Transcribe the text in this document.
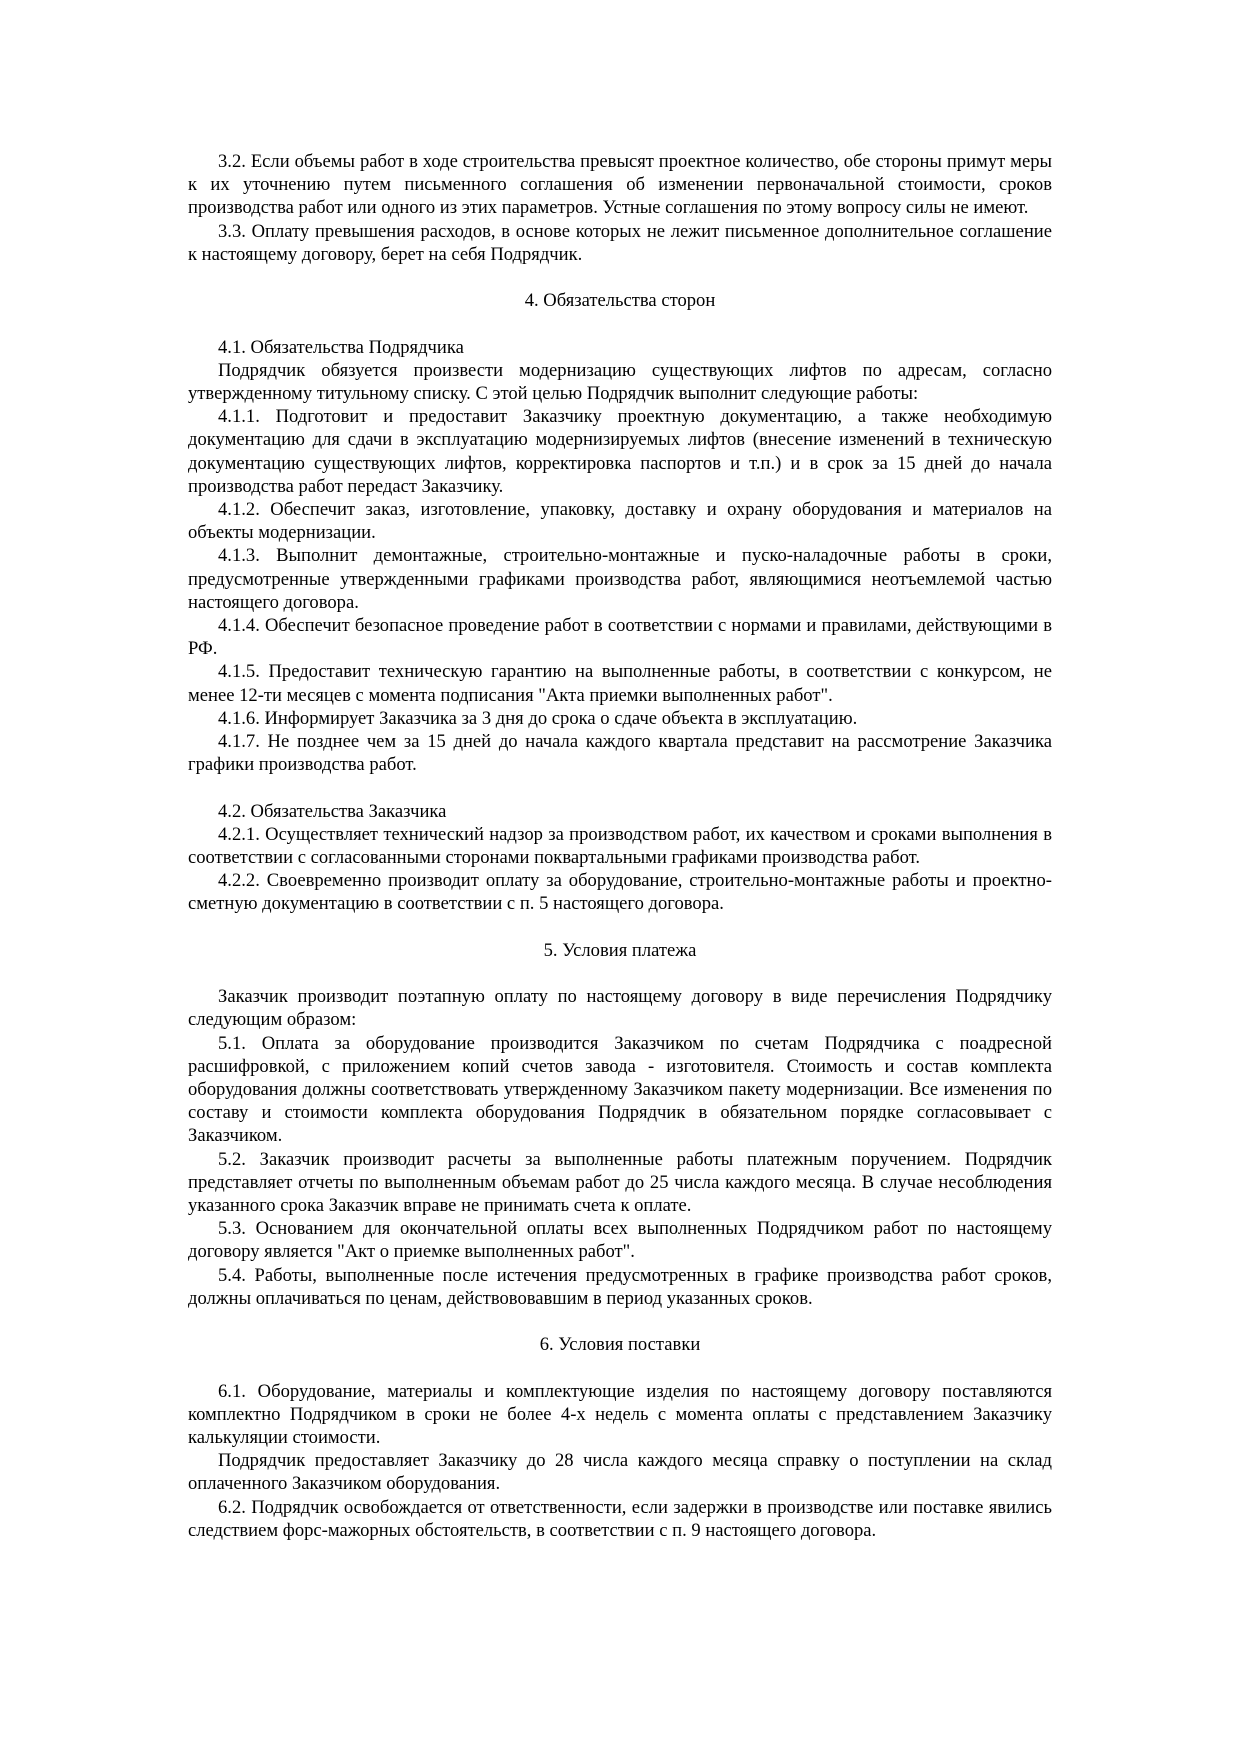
3.2. Если объемы работ в ходе строительства превысят проектное количество, обе стороны примут меры к их уточнению путем письменного соглашения об изменении первоначальной стоимости, сроков производства работ или одного из этих параметров. Устные соглашения по этому вопросу силы не имеют.

3.3. Оплату превышения расходов, в основе которых не лежит письменное дополнительное соглашение к настоящему договору, берет на себя Подрядчик.

4. Обязательства сторон

4.1. Обязательства Подрядчика

Подрядчик обязуется произвести модернизацию существующих лифтов по адресам, согласно утвержденному титульному списку. С этой целью Подрядчик выполнит следующие работы:

4.1.1. Подготовит и предоставит Заказчику проектную документацию, а также необходимую документацию для сдачи в эксплуатацию модернизируемых лифтов (внесение изменений в техническую документацию существующих лифтов, корректировка паспортов и т.п.) и в срок за 15 дней до начала производства работ передаст Заказчику.

4.1.2. Обеспечит заказ, изготовление, упаковку, доставку и охрану оборудования и материалов на объекты модернизации.

4.1.3. Выполнит демонтажные, строительно-монтажные и пуско-наладочные работы в сроки, предусмотренные утвержденными графиками производства работ, являющимися неотъемлемой частью настоящего договора.

4.1.4. Обеспечит безопасное проведение работ в соответствии с нормами и правилами, действующими в РФ.

4.1.5. Предоставит техническую гарантию на выполненные работы, в соответствии с конкурсом, не менее 12-ти месяцев с момента подписания "Акта приемки выполненных работ".

4.1.6. Информирует Заказчика за 3 дня до срока о сдаче объекта в эксплуатацию.

4.1.7. Не позднее чем за 15 дней до начала каждого квартала представит на рассмотрение Заказчика графики производства работ.

4.2. Обязательства Заказчика

4.2.1. Осуществляет технический надзор за производством работ, их качеством и сроками выполнения в соответствии с согласованными сторонами поквартальными графиками производства работ.

4.2.2. Своевременно производит оплату за оборудование, строительно-монтажные работы и проектно-сметную документацию в соответствии с п. 5 настоящего договора.

5. Условия платежа

Заказчик производит поэтапную оплату по настоящему договору в виде перечисления Подрядчику следующим образом:

5.1. Оплата за оборудование производится Заказчиком по счетам Подрядчика с поадресной расшифровкой, с приложением копий счетов завода - изготовителя. Стоимость и состав комплекта оборудования должны соответствовать утвержденному Заказчиком пакету модернизации. Все изменения по составу и стоимости комплекта оборудования Подрядчик в обязательном порядке согласовывает с Заказчиком.

5.2. Заказчик производит расчеты за выполненные работы платежным поручением. Подрядчик представляет отчеты по выполненным объемам работ до 25 числа каждого месяца. В случае несоблюдения указанного срока Заказчик вправе не принимать счета к оплате.

5.3. Основанием для окончательной оплаты всех выполненных Подрядчиком работ по настоящему договору является "Акт о приемке выполненных работ".

5.4. Работы, выполненные после истечения предусмотренных в графике производства работ сроков, должны оплачиваться по ценам, действововавшим в период указанных сроков.

6. Условия поставки

6.1. Оборудование, материалы и комплектующие изделия по настоящему договору поставляются комплектно Подрядчиком в сроки не более 4-х недель с момента оплаты с представлением Заказчику калькуляции стоимости.

Подрядчик предоставляет Заказчику до 28 числа каждого месяца справку о поступлении на склад оплаченного Заказчиком оборудования.

6.2. Подрядчик освобождается от ответственности, если задержки в производстве или поставке явились следствием форс-мажорных обстоятельств, в соответствии с п. 9 настоящего договора.
